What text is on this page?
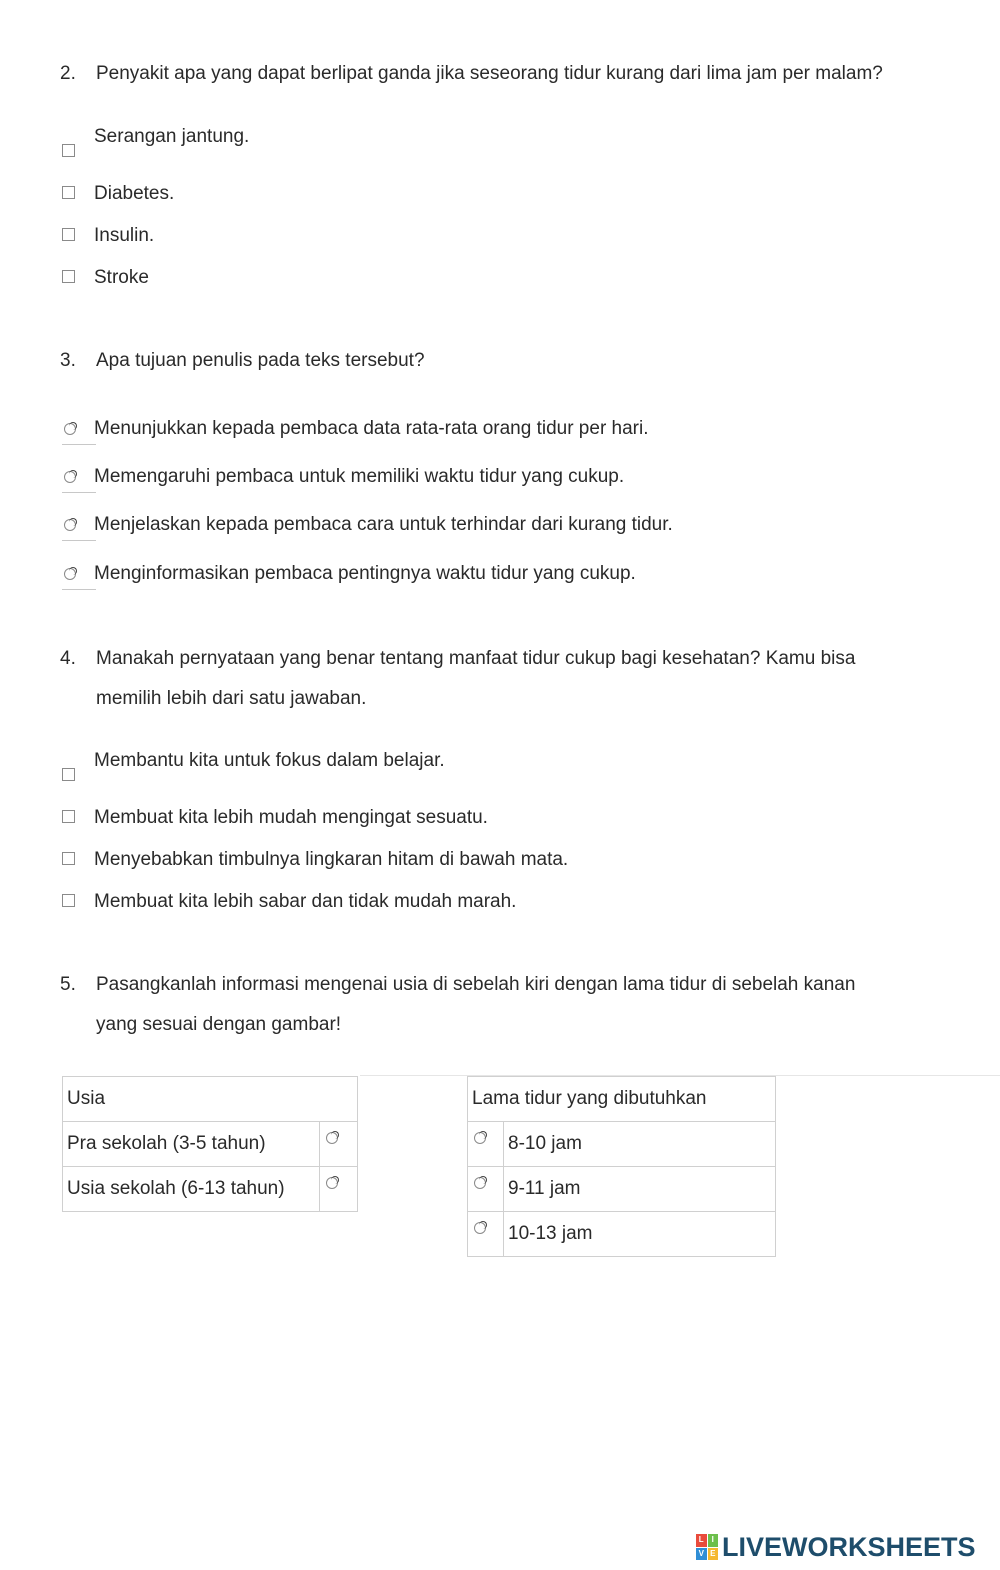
2.	Penyakit apa yang dapat berlipat ganda jika seseorang tidur kurang dari lima jam per malam?
Serangan jantung.
Diabetes.
Insulin.
Stroke
3.	Apa tujuan penulis pada teks tersebut?
Menunjukkan kepada pembaca data rata-rata orang tidur per hari.
Memengaruhi pembaca untuk memiliki waktu tidur yang cukup.
Menjelaskan kepada pembaca cara untuk terhindar dari kurang tidur.
Menginformasikan pembaca pentingnya waktu tidur yang cukup.
4.	Manakah pernyataan yang benar tentang manfaat tidur cukup bagi kesehatan? Kamu bisa
memilih lebih dari satu jawaban.
Membantu kita untuk fokus dalam belajar.
Membuat kita lebih mudah mengingat sesuatu.
Menyebabkan timbulnya lingkaran hitam di bawah mata.
Membuat kita lebih sabar dan tidak mudah marah.
5.	Pasangkanlah informasi mengenai usia di sebelah kiri dengan lama tidur di sebelah kanan
yang sesuai dengan gambar!
Usia	
Pra sekolah (3-5 tahun)	

Usia sekolah (6-13 tahun)	
Lama tidur yang dibutuhkan	

	8-10 jam

	9-11 jam

	10-13 jam
L I
V E LIVEWORKSHEETS
